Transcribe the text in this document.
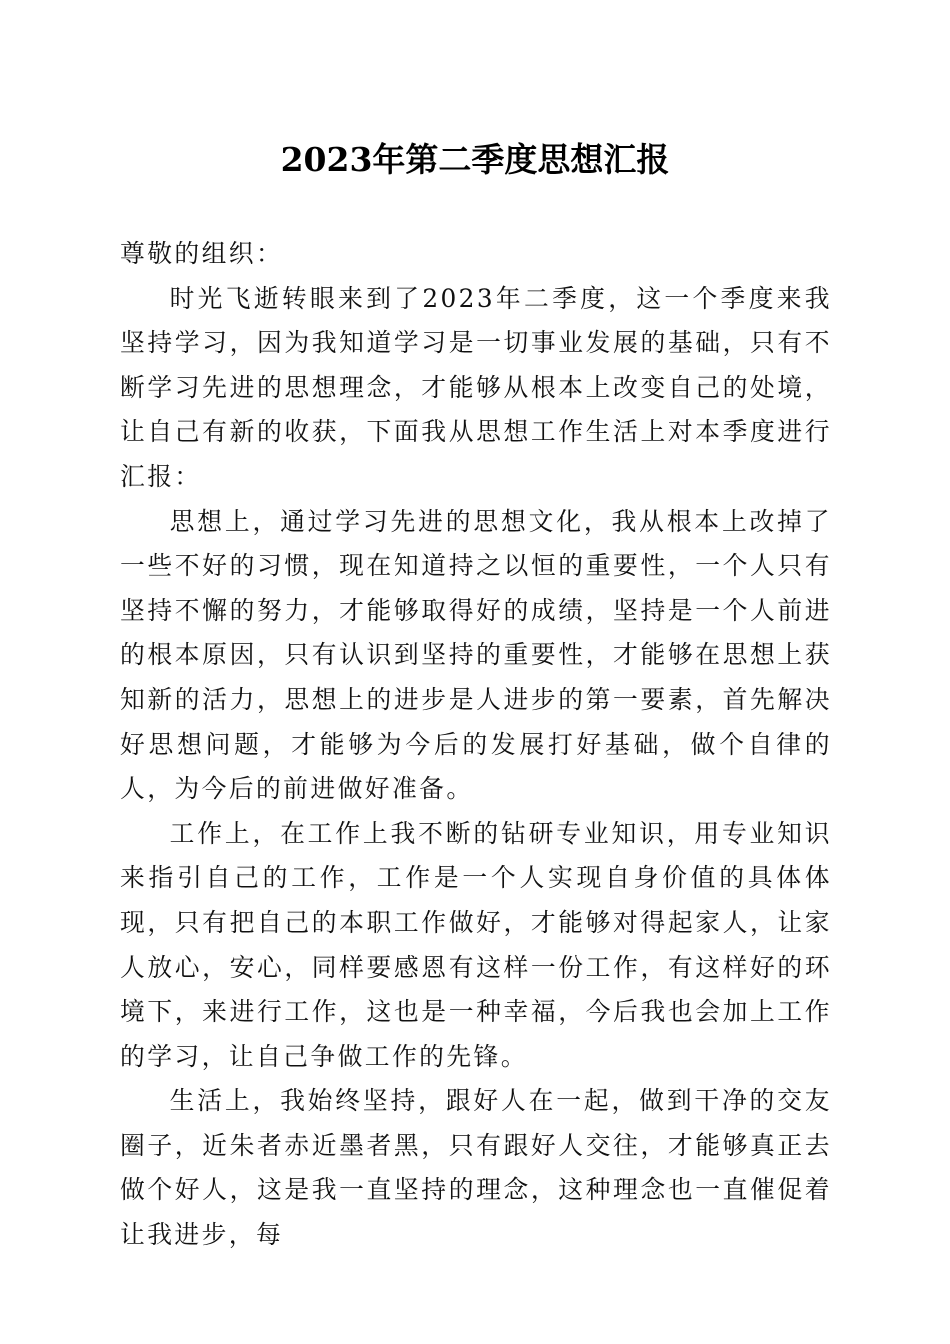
2023年第二季度思想汇报

尊敬的组织：

时光飞逝转眼来到了2023年二季度，这一个季度来我坚持学习，因为我知道学习是一切事业发展的基础，只有不断学习先进的思想理念，才能够从根本上改变自己的处境，让自己有新的收获，下面我从思想工作生活上对本季度进行汇报：

思想上，通过学习先进的思想文化，我从根本上改掉了一些不好的习惯，现在知道持之以恒的重要性，一个人只有坚持不懈的努力，才能够取得好的成绩，坚持是一个人前进的根本原因，只有认识到坚持的重要性，才能够在思想上获知新的活力，思想上的进步是人进步的第一要素，首先解决好思想问题，才能够为今后的发展打好基础，做个自律的人，为今后的前进做好准备。

工作上，在工作上我不断的钻研专业知识，用专业知识来指引自己的工作，工作是一个人实现自身价值的具体体现，只有把自己的本职工作做好，才能够对得起家人，让家人放心，安心，同样要感恩有这样一份工作，有这样好的环境下，来进行工作，这也是一种幸福，今后我也会加上工作的学习，让自己争做工作的先锋。

生活上，我始终坚持，跟好人在一起，做到干净的交友圈子，近朱者赤近墨者黑，只有跟好人交往，才能够真正去做个好人，这是我一直坚持的理念，这种理念也一直催促着让我进步，每
